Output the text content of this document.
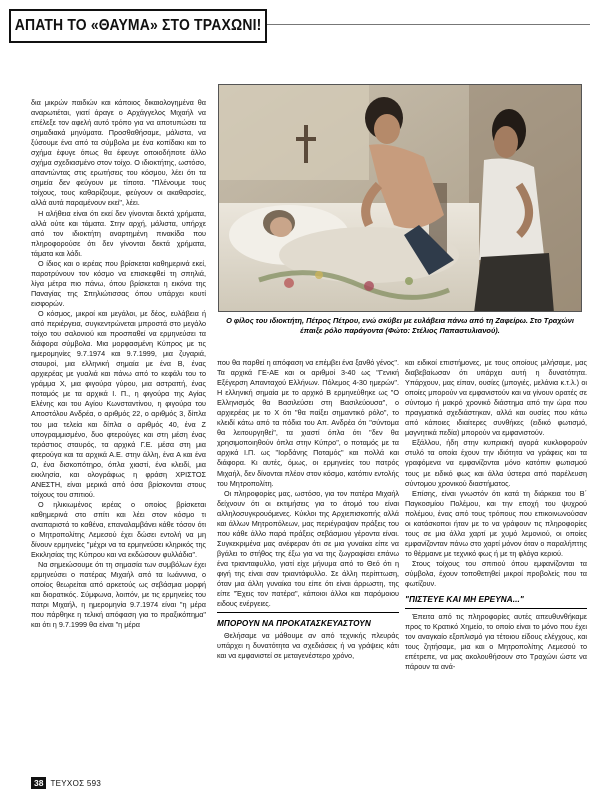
ΑΠΑΤΗ ΤΟ «ΘΑΥΜΑ» ΣΤΟ ΤΡΑΧΩΝΙ!

δια μικρών παιδιών και κάποιος δικαιολογημένα θα αναρωτιέται, γιατί άραγε ο Αρχάγγελος Μιχαήλ να επέλεξε τον αφελή αυτό τρόπο για να αποτυπώσει τα σημαδιακά μηνύματα. Προσθαθήσαμε, μάλιστα, να ξύσουμε ένα από τα σύμβολα με ένα κοπίδακι και το σχήμα έφυγε όπως θα έφευγε οποιοδήποτε άλλο σχήμα σχεδιασμένο στον τοίχο. Ο ιδιοκτήτης, ωστόσο, απαντώντας στις ερωτήσεις του κόσμου, λέει ότι τα σημεία δεν φεύγουν με τίποτα. "Πλένουμε τους τοίχους, τους καθαρίζουμε, φεύγουν οι ακαθαρσίες, αλλά αυτά παραμένουν εκεί", λέει.

Η αλήθεια είναι ότι εκεί δεν γίνονται δεκτά χρήματα, αλλά ούτε και τάματα. Στην αρχή, μάλιστα, υπήρχε από τον ιδιοκτήτη αναρτημένη πινακίδα που πληροφορούσε ότι δεν γίνονται δεκτά χρήματα, τάματα και λάδι.

Ο ίδιος και ο ιερέας που βρίσκεται καθημερινά εκεί, παροτρύνουν τον κόσμο να επισκεφθεί τη σπηλιά, λίγα μέτρα πιο πάνω, όπου βρίσκεται η εικόνα της Παναγίας της Σπηλιώτισσας όπου υπάρχει κουτί εισφορών.

Ο κόσμος, μικροί και μεγάλοι, με δέος, ευλάβεια ή από περιέργεια, συγκεντρώνεται μπροστά στο μεγάλο τοίχο του σαλονιού και προσπαθεί να ερμηνεύσει τα διάφορα σύμβολα. Μια μορφασμένη Κύπρος με τις ημερομηνίες 9.7.1974 και 9.7.1999, μια ζυγαριά, σταυροί, μια ελληνική σημαία με ένα Β, ένας αρχιερέας με γυαλιά και πάνω από το κεφάλι του το γράμμα Χ, μια φιγούρα γύρου, μια αστραπή, ένας ποταμός με τα αρχικά Ι. Π., η φιγούρα της Αγίας Ελένης και του Αγίου Κωνσταντίνου, η φιγούρα του Αποστόλου Ανδρέα, ο αριθμός 22, ο αριθμός 3, δίπλα του μια τελεία και δίπλα ο αριθμός 40, ένα Ζ υπογραμμισμένο, δυο φτερούγες και στη μέση ένας τεράστιος σταυρός, τα αρχικά Γ.Ε. μέσα στη μια φτερούγα και τα αρχικά Α.Ε. στην άλλη, ένα Α και ένα Ω, ένα δισκοπότηρο, όπλα χιαστί, ένα κλειδί, μια εκκλησία, και ολογράφως η φράση ΧΡΙΣΤΟΣ ΑΝΕΣΤΗ, είναι μερικά από όσα βρίσκονται στους τοίχους του σπιτιού.

Ο ηλικιωμένος ιερέας ο οποίος βρίσκεται καθημερινά στο σπίτι και λέει στον κόσμο τι αναπαριστά το καθένα, επαναλαμβάνει κάθε τόσον ότι ο Μητροπολίτης Λεμεσού έχει δώσει εντολή να μη δίνουν ερμηνείες "μέχρι να τα ερμηνεύσει κληρικός της Εκκλησίας της Κύπρου και να εκδώσουν φυλλάδια".

Να σημειώσουμε ότι τη σημασία των συμβόλων έχει ερμηνεύσει ο πατέρας Μιχαήλ από τα Ιωάννινα, ο οποίος θεωρείται από αρκετούς ως σεβάσμια μορφή και διορατικός. Σύμφωνα, λοιπόν, με τις ερμηνείες του πατρι Μιχαήλ, η ημερομηνία 9.7.1974 είναι "η μέρα που πάρθηκε η τελική απόφαση για το πραξικόπημα" και ότι η 9.7.1999 θα είναι "η μέρα

Ο φίλος του ιδιοκτήτη, Πέτρος Πέτρου, ενώ σκύβει με ευλάβεια πάνω από τη Ζαφείρω. Στο Τραχώνι
έπαιξε ρόλο παράγοντα (Φώτο: Στέλιος Παπαστυλιανού).

που θα παρθεί η απόφαση να επέμβει ένα ξανθό γένος". Τα αρχικά ΓΕ-ΑΕ και οι αριθμοί 3-40 ως "Γενική Εξέγερση Απανταχού Ελλήνων. Πόλεμος 4-30 ημερών". Η ελληνική σημαία με το αρχικό Β ερμηνεύθηκε ως "Ο Ελληνισμός θα Βασιλεύσει στη Βασιλεύουσα", ο αρχιερέας με το Χ ότι "θα παίξει σημαντικό ρόλο", το κλειδί κάτω από τα πόδια του Απ. Ανδρέα ότι "σύντομα θα λειτουργηθεί", τα χιαστί όπλα ότι "δεν θα χρησιμοποιηθούν όπλα στην Κύπρο", ο ποταμός με τα αρχικά Ι.Π. ως "Ιορδάνης Ποταμός" και πολλά και διάφορα. Κι αυτές, όμως, οι ερμηνείες του πατρός Μιχαήλ, δεν δίνονται πλέον στον κόσμο, κατόπιν εντολής του Μητροπολίτη.

Οι πληροφορίες μας, ωστόσο, για τον πατέρα Μιχαήλ δείχνουν ότι οι εκτιμήσεις για το άτομό του είναι αλληλοσυγκρουόμενες. Κύκλοι της Αρχιεπισκοπής αλλά και άλλων Μητροπόλεων, μας περιέγραψαν πράξεις του που κάθε άλλο παρά πράξεις σεβάσμιου γέροντα είναι. Συγκεκριμένα μας ανέφεραν ότι σε μια γυναίκα είπε να βγάλει το στήθος της έξω για να της ζωγραφίσει επάνω ένα τριανταφυλλο, γιατί είχε μήνυμα από το Θεό ότι η φιγή της είναι σαν τριαντάφυλλο. Σε άλλη περίπτωση, όταν μια άλλη γυναίκα του είπε ότι είναι άρρωστη, της είπε "Έχεις τον πατέρα", κάποιοι άλλοι και παρόμοιου ειδους ενέργειες.

ΜΠΟΡΟΥΝ ΝΑ ΠΡΟΚΑΤΑΣΚΕΥΑΣΤΟΥΝ

Θελήσαμε να μάθουμε αν από τεχνικής πλευράς υπάρχει η δυνατότητα να σχεδιάσεις ή να γράψεις κάτι και να εμφανιστεί σε μεταγενέστερο χρόνο,

και ειδικοί επιστήμονες, με τους οποίους μιλήσαμε, μας διαβεβαίωσαν ότι υπάρχει αυτή η δυνατότητα. Υπάρχουν, μας είπαν, ουσίες (μπογιές, μελάνια κ.τ.λ.) οι οποίες μπορούν να εμφανιστούν και να γίνουν ορατές σε σύντομο ή μακρό χρονικό διάστημα από την ώρα που πραγματικά σχεδιάστηκαν, αλλά και ουσίες που κάτω από κάποιες ιδιαίτερες συνθήκες (ειδικό φωτισμό, μαγνητικά πεδία) μπορούν να εμφανιστούν.

Εξάλλου, ήδη στην κυπριακή αγορά κυκλοφορούν στυλό τα οποία έχουν την ιδιότητα να γράφεις και τα γραφόμενα να εμφανίζονται μόνο κατόπιν φωτισμού τους με ειδικό φως και άλλα ύστερα από παρέλευση σύντομου χρονικού διαστήματος.

Επίσης, είναι γνωστόν ότι κατά τη διάρκεια του Β΄ Παγκοσμίου Πολέμου, και την εποχή του ψυχρού πολέμου, ένας από τους τρόπους που επικοινωνούσαν οι κατάσκοποι ήταν με το να γράφουν τις πληροφορίες τους σε μια άλλα χαρτί με χυμό λεμονιού, οι οποίες εμφανίζονταν πάνω στο χαρτί μόνον όταν ο παραλήπτης το θέρμαινε με τεχνικό φως ή με τη φλόγα κεριού.

Στους τοίχους του σπιτιού όπου εμφανίζονται τα σύμβολα, έχουν τοποθετηθεί μικροί προβολείς που τα φωτίζουν.

"ΠΙΣΤΕΥΕ ΚΑΙ ΜΗ ΕΡΕΥΝΑ..."

Έπειτα από τις πληροφορίες αυτές απευθυνθήκαμε προς το Κρατικό Χημείο, το οποίο είναι το μόνο που έχει τον αναγκαίο εξοπλισμό για τέτοιου είδους ελέγχους, και τους ζητήσαμε, μια και ο Μητροπολίτης Λεμεσού το επέτρεπε, να μας ακολουθήσουν στο Τραχώνι ώστε να πάρουν τα ανά-

38 ΤΕΥΧΟΣ 593
